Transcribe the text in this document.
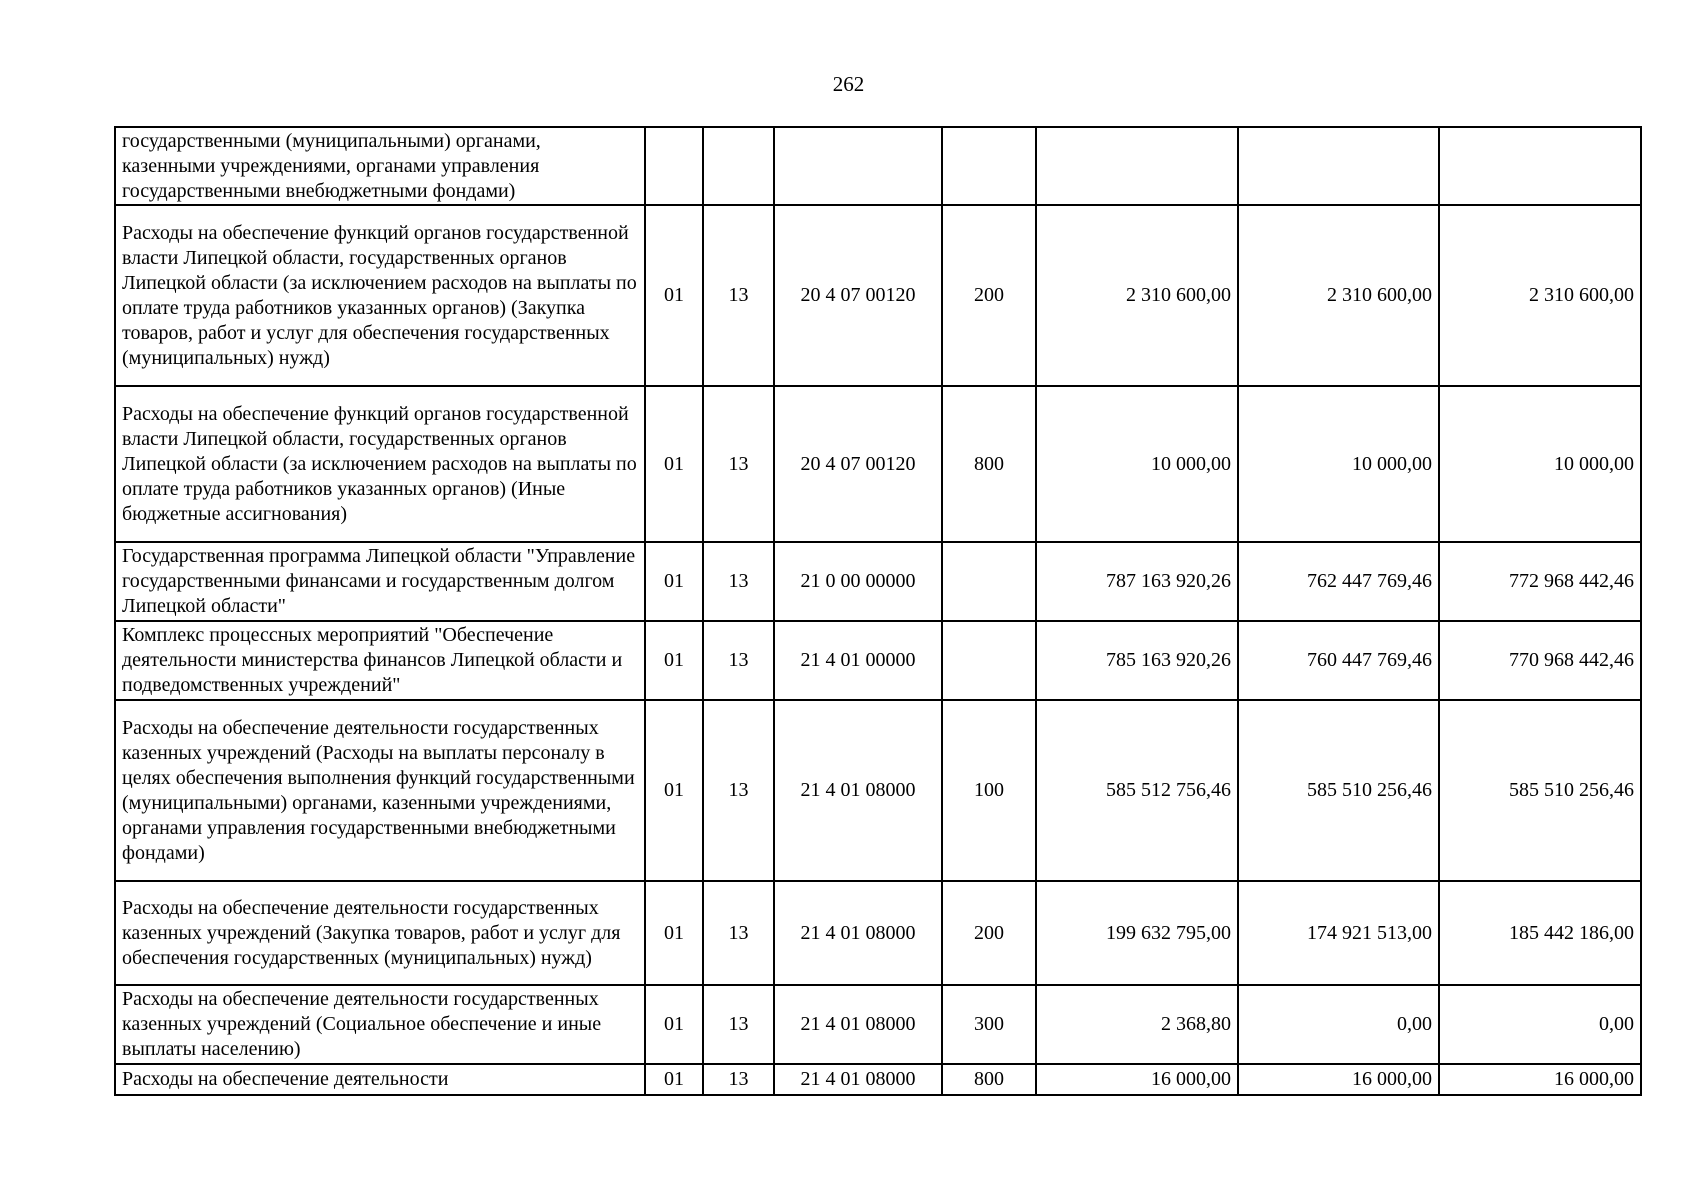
262
государственными (муниципальными) органами, казенными учреждениями, органами управления государственными внебюджетными фондами)							
Расходы на обеспечение функций органов государственной власти Липецкой области, государственных органов Липецкой области (за исключением расходов на выплаты по оплате труда работников указанных органов) (Закупка товаров, работ и услуг для обеспечения государственных (муниципальных) нужд)	01	13	20 4 07 00120	200	2 310 600,00	2 310 600,00	2 310 600,00
Расходы на обеспечение функций органов государственной власти Липецкой области, государственных органов Липецкой области (за исключением расходов на выплаты по оплате труда работников указанных органов) (Иные бюджетные ассигнования)	01	13	20 4 07 00120	800	10 000,00	10 000,00	10 000,00
Государственная программа Липецкой области "Управление государственными финансами и государственным долгом Липецкой области"	01	13	21 0 00 00000		787 163 920,26	762 447 769,46	772 968 442,46
Комплекс процессных мероприятий "Обеспечение деятельности министерства финансов Липецкой области и подведомственных учреждений"	01	13	21 4 01 00000		785 163 920,26	760 447 769,46	770 968 442,46
Расходы на обеспечение деятельности государственных казенных учреждений (Расходы на выплаты персоналу в целях обеспечения выполнения функций государственными (муниципальными) органами, казенными учреждениями, органами управления государственными внебюджетными фондами)	01	13	21 4 01 08000	100	585 512 756,46	585 510 256,46	585 510 256,46
Расходы на обеспечение деятельности государственных казенных учреждений (Закупка товаров, работ и услуг для обеспечения государственных (муниципальных) нужд)	01	13	21 4 01 08000	200	199 632 795,00	174 921 513,00	185 442 186,00
Расходы на обеспечение деятельности государственных казенных учреждений (Социальное обеспечение и иные выплаты населению)	01	13	21 4 01 08000	300	2 368,80	0,00	0,00
Расходы на обеспечение деятельности	01	13	21 4 01 08000	800	16 000,00	16 000,00	16 000,00
